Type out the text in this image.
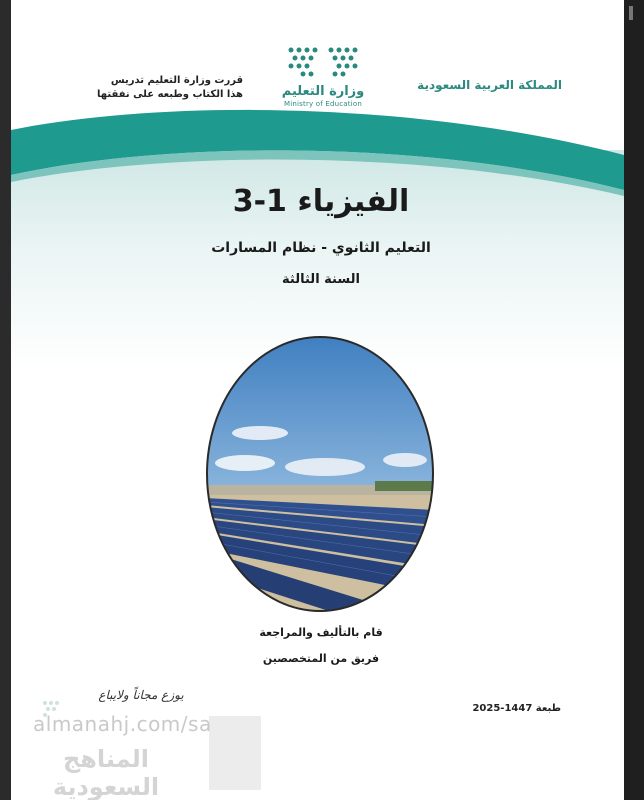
المملكة العربية السعودية
وزارة التعليم
Ministry of Education
قررت وزارة التعليم تدريس
هذا الكتاب وطبعه على نفقتها
الفيزياء 1-3
التعليم الثانوي - نظام المسارات
السنة الثالثة
قام بالتأليف والمراجعة
فريق من المتخصصين
طبعة 1447-2025
يوزع مجاناً ولايباع
almanahj.com/sa
المناهج السعودية
